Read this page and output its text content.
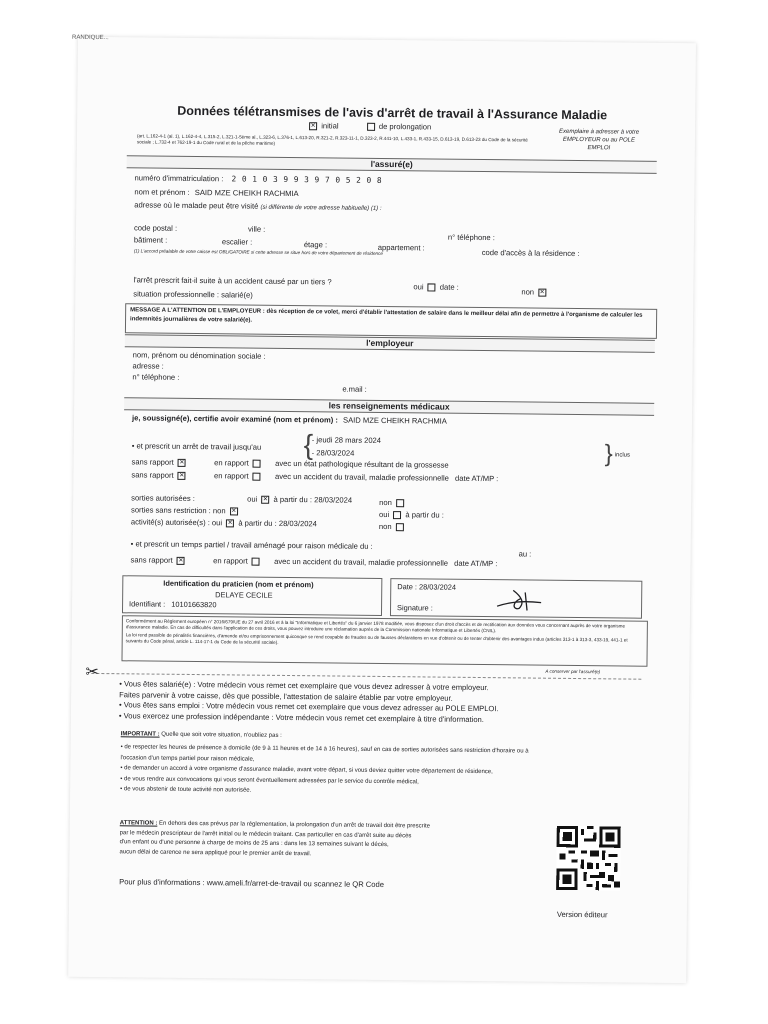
RANDIQUE...
Données télétransmises de l'avis d'arrêt de travail à l'Assurance Maladie
✕ initial	de prolongation
(art. L.162-4-1 (al. 1), L.162-4-4, L.315-2, L.321-1-5ème al., L.323-6, L.376-1, L.613-20, R.321-2, R.323-11-1, D.323-2, R.441-10, L.433-1, R.433-15, D.613-19, D.613-23 du Code de la sécurité sociale ; L.732-4 et 762-19-1 du Code rural et de la pêche maritime)
Exemplaire à adresser à votre EMPLOYEUR ou au POLE EMPLOI
l'assuré(e)
numéro d'immatriculation : 2 0 1 0 3 9 9 3 9 7 0 5 2 0 8
nom et prénom : SAID MZE CHEIKH RACHMIA
adresse où le malade peut être visité (si différente de votre adresse habituelle) (1) :
code postal :	ville :
n° téléphone :
bâtiment :	escalier :	étage :	appartement :
code d'accès à la résidence :
(1) L'accord préalable de votre caisse est OBLIGATOIRE si cette adresse se situe hors de votre département de résidence
l'arrêt prescrit fait-il suite à un accident causé par un tiers ?
oui date :
non ✕
situation professionnelle : salarié(e)
MESSAGE A L'ATTENTION DE L'EMPLOYEUR : dès réception de ce volet, merci d'établir l'attestation de salaire dans le meilleur délai afin de permettre à l'organisme de calculer les indemnités journalières de votre salarié(e).
l'employeur
nom, prénom ou dénomination sociale :
adresse :
n° téléphone :
e.mail :
les renseignements médicaux
je, soussigné(e), certifie avoir examiné (nom et prénom) : SAID MZE CHEIKH RACHMIA
• et prescrit un arrêt de travail jusqu'au {
- jeudi 28 mars 2024
- 28/03/2024	} inclus
sans rapport ✕	en rapport	avec un état pathologique résultant de la grossesse
sans rapport ✕	en rapport	avec un accident du travail, maladie professionnelle date AT/MP :
sorties autorisées :	oui ✕ à partir du : 28/03/2024	non
sorties sans restriction : non ✕	oui à partir du :
activité(s) autorisée(s) : oui ✕ à partir du : 28/03/2024	non
• et prescrit un temps partiel / travail aménagé pour raison médicale du :
au :
sans rapport ✕	en rapport	avec un accident du travail, maladie professionnelle date AT/MP :
Identification du praticien (nom et prénom)
DELAYE CECILE
Identifiant : 10101663820
Date : 28/03/2024
Signature :
Conformément au Règlement européen n° 2016/679/UE du 27 avril 2016 et à la loi "Informatique et Libertés" du 6 janvier 1978 modifiée, vous disposez d'un droit d'accès et de rectification aux données vous concernant auprès de votre organisme d'assurance maladie. En cas de difficultés dans l'application de ces droits, vous pouvez introduire une réclamation auprès de la Commission nationale Informatique et Libertés (CNIL).
La loi rend passible de pénalités financières, d'amende et/ou emprisonnement quiconque se rend coupable de fraudes ou de fausses déclarations en vue d'obtenir ou de tenter d'obtenir des avantages indus (articles 313-1 à 313-3, 433-19, 441-1 et suivants du Code pénal, article L. 114-17-1 du Code de la sécurité sociale).
A conserver par l'assuré(e)
✂
• Vous êtes salarié(e) : Votre médecin vous remet cet exemplaire que vous devez adresser à votre employeur.
Faites parvenir à votre caisse, dès que possible, l'attestation de salaire établie par votre employeur.
• Vous êtes sans emploi : Votre médecin vous remet cet exemplaire que vous devez adresser au POLE EMPLOI.
• Vous exercez une profession indépendante : Votre médecin vous remet cet exemplaire à titre d'information.
IMPORTANT : Quelle que soit votre situation, n'oubliez pas :
• de respecter les heures de présence à domicile (de 9 à 11 heures et de 14 à 16 heures), sauf en cas de sorties autorisées sans restriction d'horaire ou à
l'occasion d'un temps partiel pour raison médicale,
• de demander un accord à votre organisme d'assurance maladie, avant votre départ, si vous deviez quitter votre département de résidence,
• de vous rendre aux convocations qui vous seront éventuellement adressées par le service du contrôle médical,
• de vous abstenir de toute activité non autorisée.
ATTENTION : En dehors des cas prévus par la réglementation, la prolongation d'un arrêt de travail doit être prescrite
par le médecin prescripteur de l'arrêt initial ou le médecin traitant. Cas particulier en cas d'arrêt suite au décès
d'un enfant ou d'une personne à charge de moins de 25 ans : dans les 13 semaines suivant le décès,
aucun délai de carence ne sera appliqué pour le premier arrêt de travail.
Pour plus d'informations : www.ameli.fr/arret-de-travail ou scannez le QR Code
Version éditeur
